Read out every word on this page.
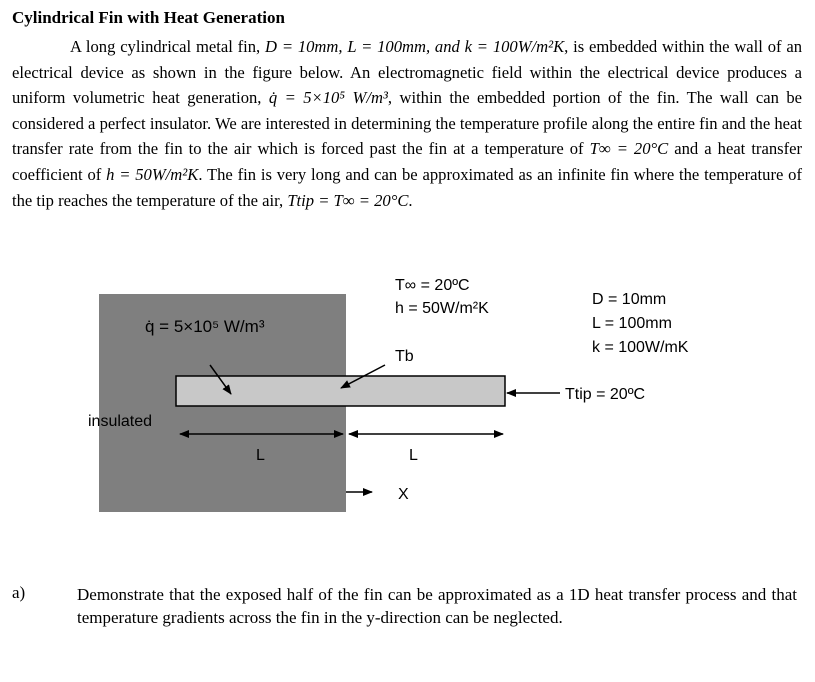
Cylindrical Fin with Heat Generation
A long cylindrical metal fin, D = 10mm, L = 100mm, and k = 100W/m²K, is embedded within the wall of an electrical device as shown in the figure below. An electromagnetic field within the electrical device produces a uniform volumetric heat generation, q̇ = 5×10⁵ W/m³, within the embedded portion of the fin. The wall can be considered a perfect insulator. We are interested in determining the temperature profile along the entire fin and the heat transfer rate from the fin to the air which is forced past the fin at a temperature of T∞ = 20°C and a heat transfer coefficient of h = 50W/m²K. The fin is very long and can be approximated as an infinite fin where the temperature of the tip reaches the temperature of the air, Ttip = T∞ = 20°C.
T∞ = 20ºC
h = 50W/m²K
q̇ = 5×10⁵ W/m³
D = 10mm
L = 100mm
k = 100W/mK
Tb
Ttip = 20ºC
insulated
L	L
X
a)	Demonstrate that the exposed half of the fin can be approximated as a 1D heat transfer process and that temperature gradients across the fin in the y-direction can be neglected.
